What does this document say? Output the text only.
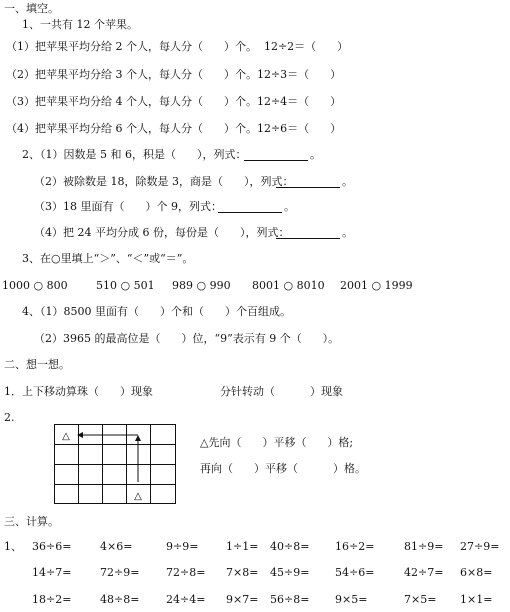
一、填空。
1、一共有 12 个苹果。
（1）把苹果平均分给 2 个人，每人分（      ）个。  12÷2＝（      ）
（2）把苹果平均分给 3 个人，每人分（      ）个。12÷3＝（      ）
（3）把苹果平均分给 4 个人，每人分（      ）个。12÷4＝（      ）
（4）把苹果平均分给 6 个人，每人分（      ）个。12÷6＝（      ）
2、（1）因数是 5 和 6，积是（      ），列式：	。
（2）被除数是 18，除数是 3，商是（      ），列式：	。
（3）18 里面有（      ）个 9，列式：	。
（4）把 24 平均分成 6 份，每份是（      ），列式：	。
3、在○里填上“＞”、“＜”或“＝”。
1000 ○ 800	510 ○ 501 989 ○ 990 8001 ○ 8010 2001 ○ 1999
4、（1）8500 里面有（      ）个和（      ）个百组成。
（2）3965 的最高位是（      ）位，“9”表示有 9 个（      ）。
二、想一想。
1．上下移动算珠（      ）现象	分针转动（          ）现象
2.
△
△
△先向（      ）平移（      ）格;
再向（      ）平移（          ）格。
三、计算。
1、 36÷6=	4×6=	9÷9=	1÷1= 40÷8= 16÷2=	81÷9= 27÷9=
14÷7=	72÷9= 72÷8= 7×8= 45÷9= 54÷6=	42÷7= 6×8=
18÷2=	48÷8= 24÷4= 9×7= 56÷8= 9×5=	7×5= 1×1=
